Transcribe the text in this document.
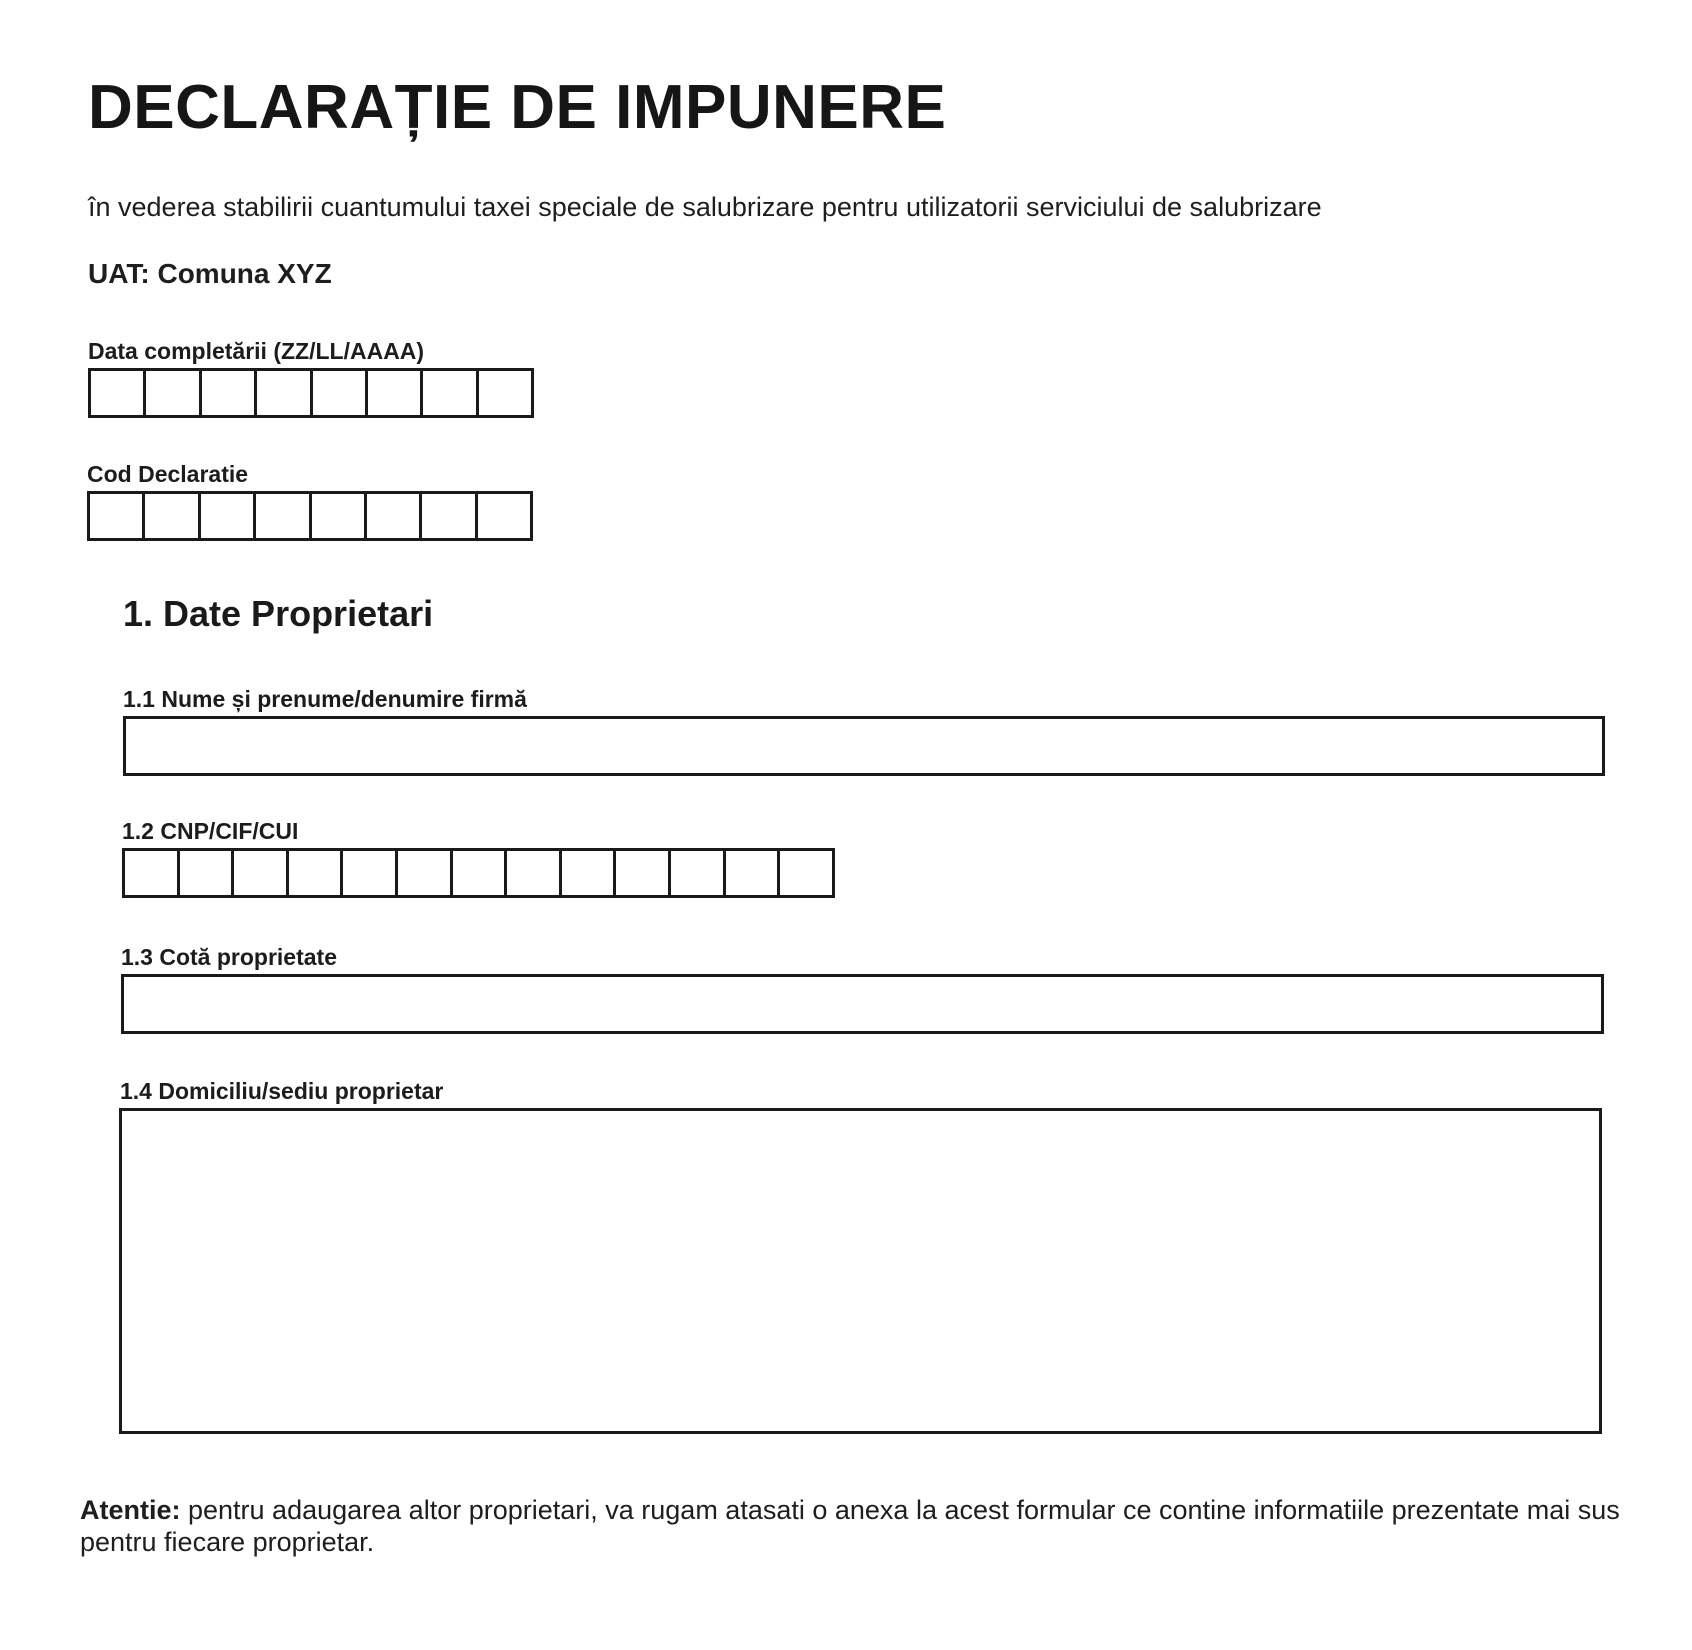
DECLARAȚIE DE IMPUNERE
în vederea stabilirii cuantumului taxei speciale de salubrizare pentru utilizatorii serviciului de salubrizare
UAT: Comuna XYZ
Data completării (ZZ/LL/AAAA)
Cod Declaratie
1. Date Proprietari
1.1 Nume și prenume/denumire firmă
1.2 CNP/CIF/CUI
1.3 Cotă proprietate
1.4 Domiciliu/sediu proprietar
Atentie: pentru adaugarea altor proprietari, va rugam atasati o anexa la acest formular ce contine informatiile prezentate mai sus pentru fiecare proprietar.
